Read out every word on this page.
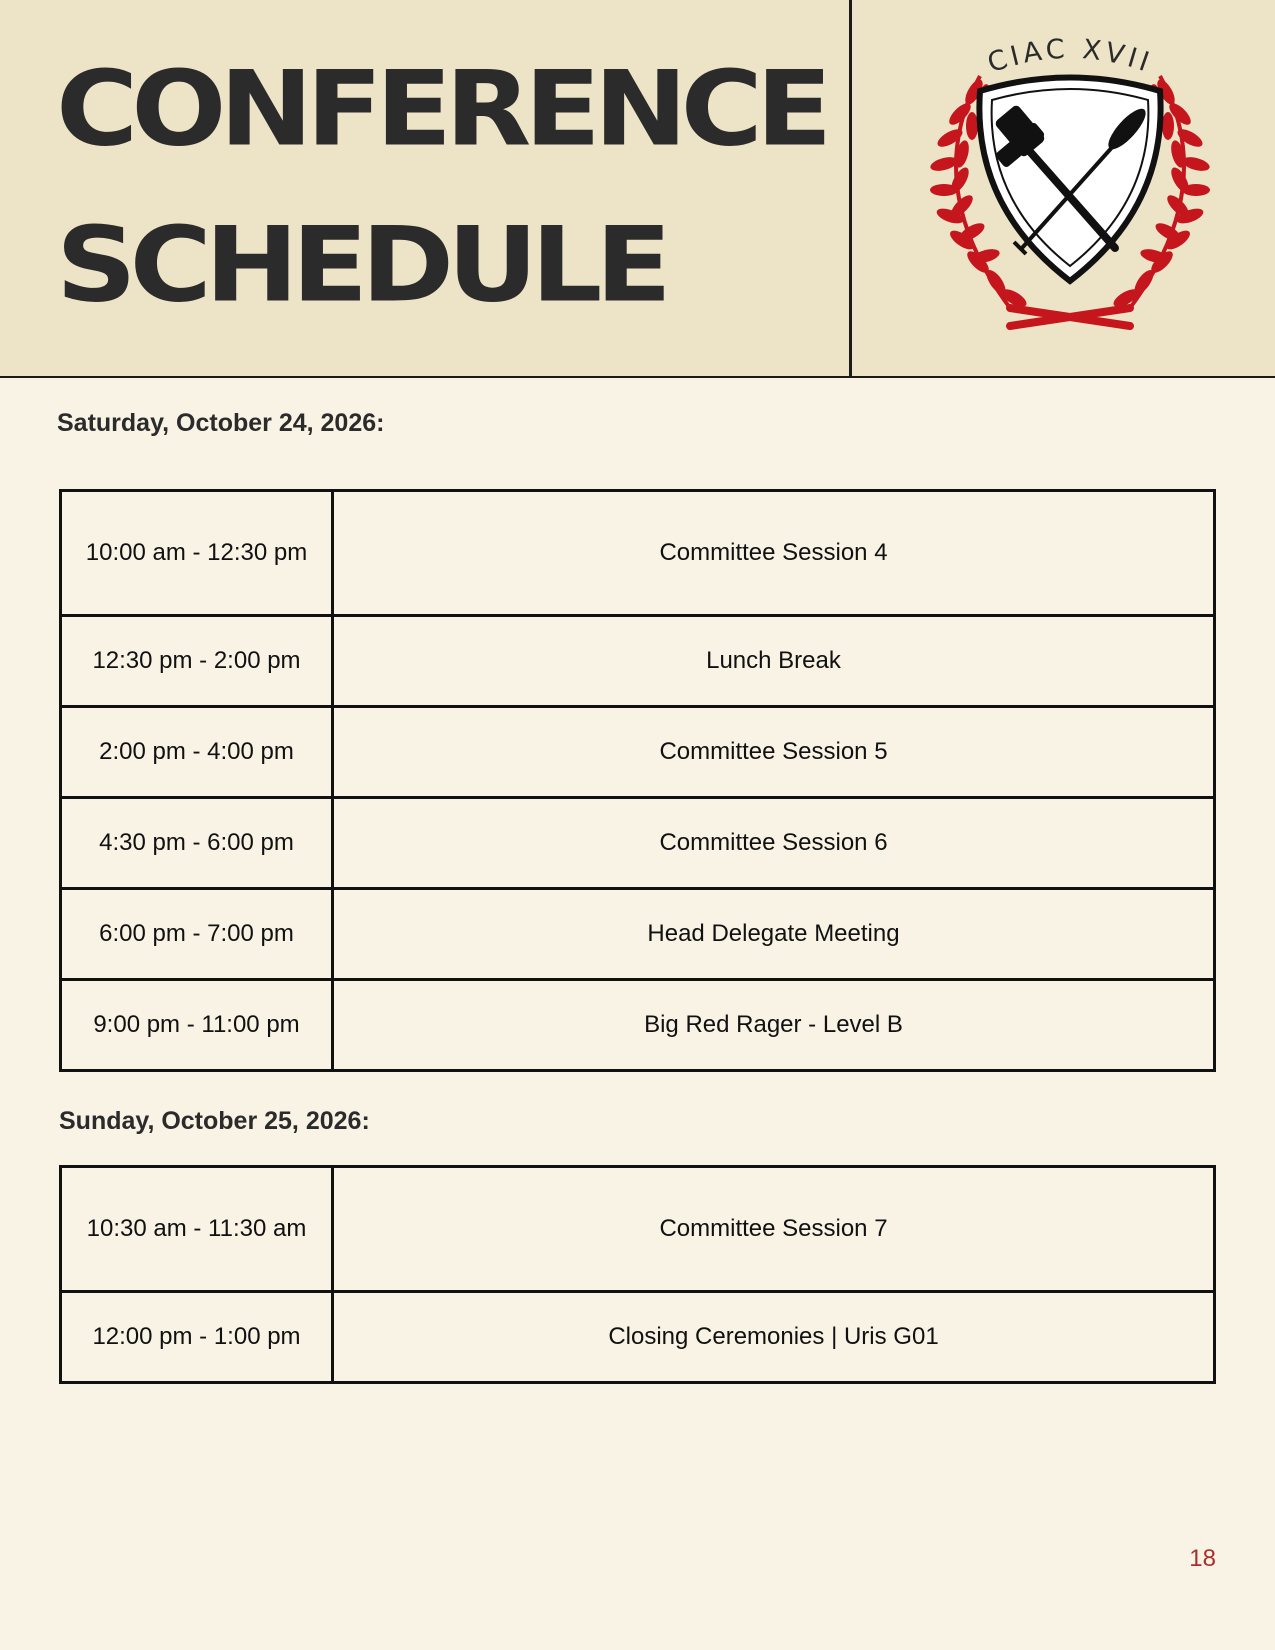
CONFERENCE
SCHEDULE
CIAC XVII
Saturday, October 24, 2026:
10:00 am - 12:30 pm	Committee Session 4
12:30 pm - 2:00 pm	Lunch Break
2:00 pm - 4:00 pm	Committee Session 5
4:30 pm - 6:00 pm	Committee Session 6
6:00 pm - 7:00 pm	Head Delegate Meeting
9:00 pm - 11:00 pm	Big Red Rager - Level B
Sunday, October 25, 2026:
10:30 am - 11:30 am	Committee Session 7
12:00 pm - 1:00 pm	Closing Ceremonies | Uris G01
18
